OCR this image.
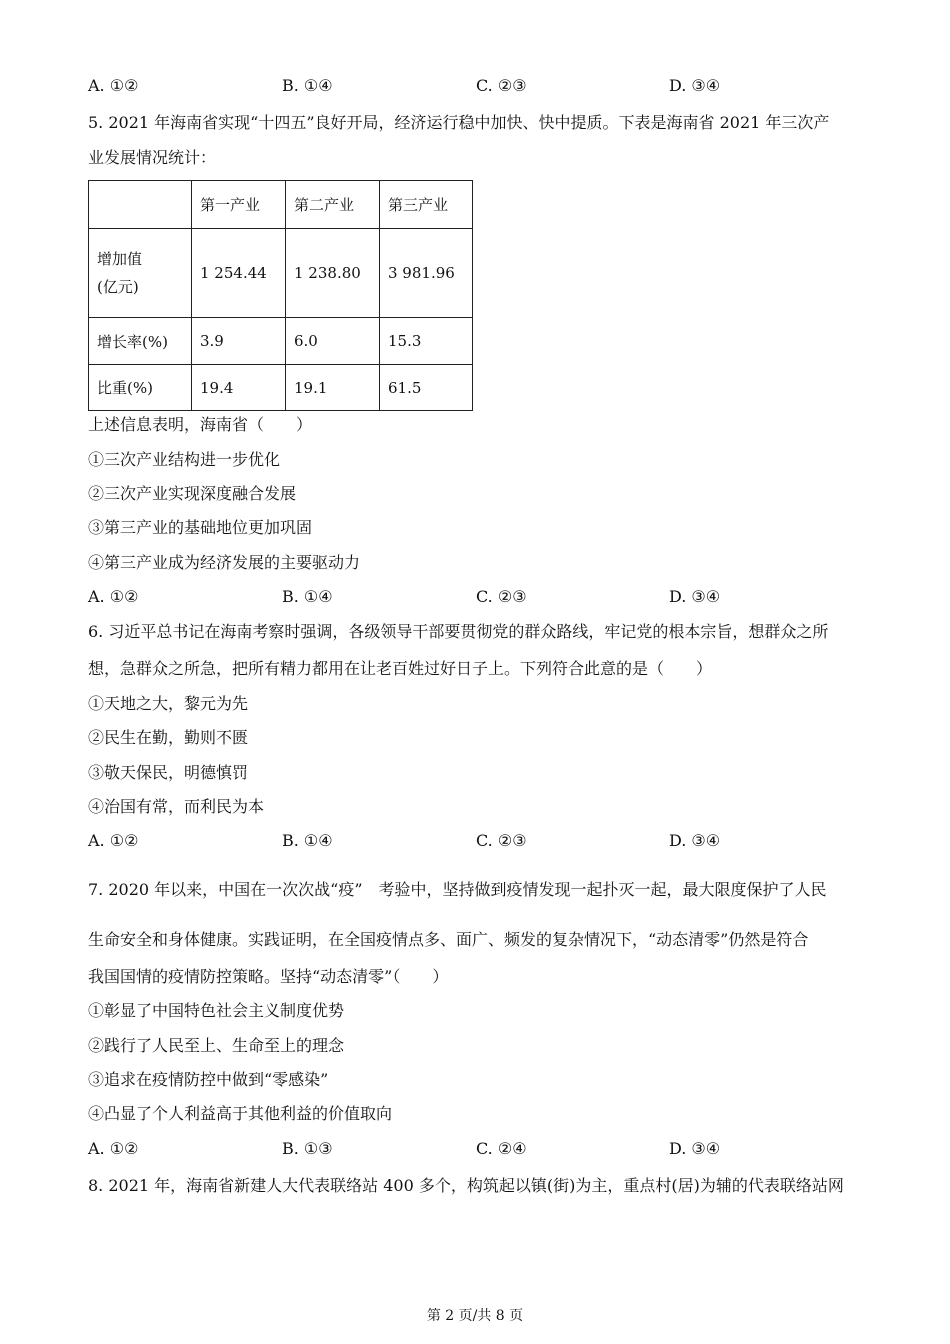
A. ①②	B. ①④	C. ②③	D. ③④
5. 2021 年海南省实现“十四五”良好开局，经济运行稳中加快、快中提质。下表是海南省 2021 年三次产
业发展情况统计：
	第一产业	第二产业	第三产业
增加值
(亿元)	1 254.44	1 238.80	3 981.96
增长率(%)	3.9	6.0	15.3
比重(%)	19.4	19.1	61.5
上述信息表明，海南省（　　）
①三次产业结构进一步优化
②三次产业实现深度融合发展
③第三产业的基础地位更加巩固
④第三产业成为经济发展的主要驱动力
A. ①②	B. ①④	C. ②③	D. ③④
6. 习近平总书记在海南考察时强调，各级领导干部要贯彻党的群众路线，牢记党的根本宗旨，想群众之所
想，急群众之所急，把所有精力都用在让老百姓过好日子上。下列符合此意的是（　　）
①天地之大，黎元为先
②民生在勤，勤则不匮
③敬天保民，明德慎罚
④治国有常，而利民为本
A. ①②	B. ①④	C. ②③	D. ③④
7. 2020 年以来，中国在一次次战“疫”　考验中，坚持做到疫情发现一起扑灭一起，最大限度保护了人民
生命安全和身体健康。实践证明，在全国疫情点多、面广、频发的复杂情况下，“动态清零”仍然是符合
我国国情的疫情防控策略。坚持“动态清零”（　　）
①彰显了中国特色社会主义制度优势
②践行了人民至上、生命至上的理念
③追求在疫情防控中做到“零感染”
④凸显了个人利益高于其他利益的价值取向
A. ①②	B. ①③	C. ②④	D. ③④
8. 2021 年，海南省新建人大代表联络站 400 多个，构筑起以镇(街)为主，重点村(居)为辅的代表联络站网
第 2 页/共 8 页
